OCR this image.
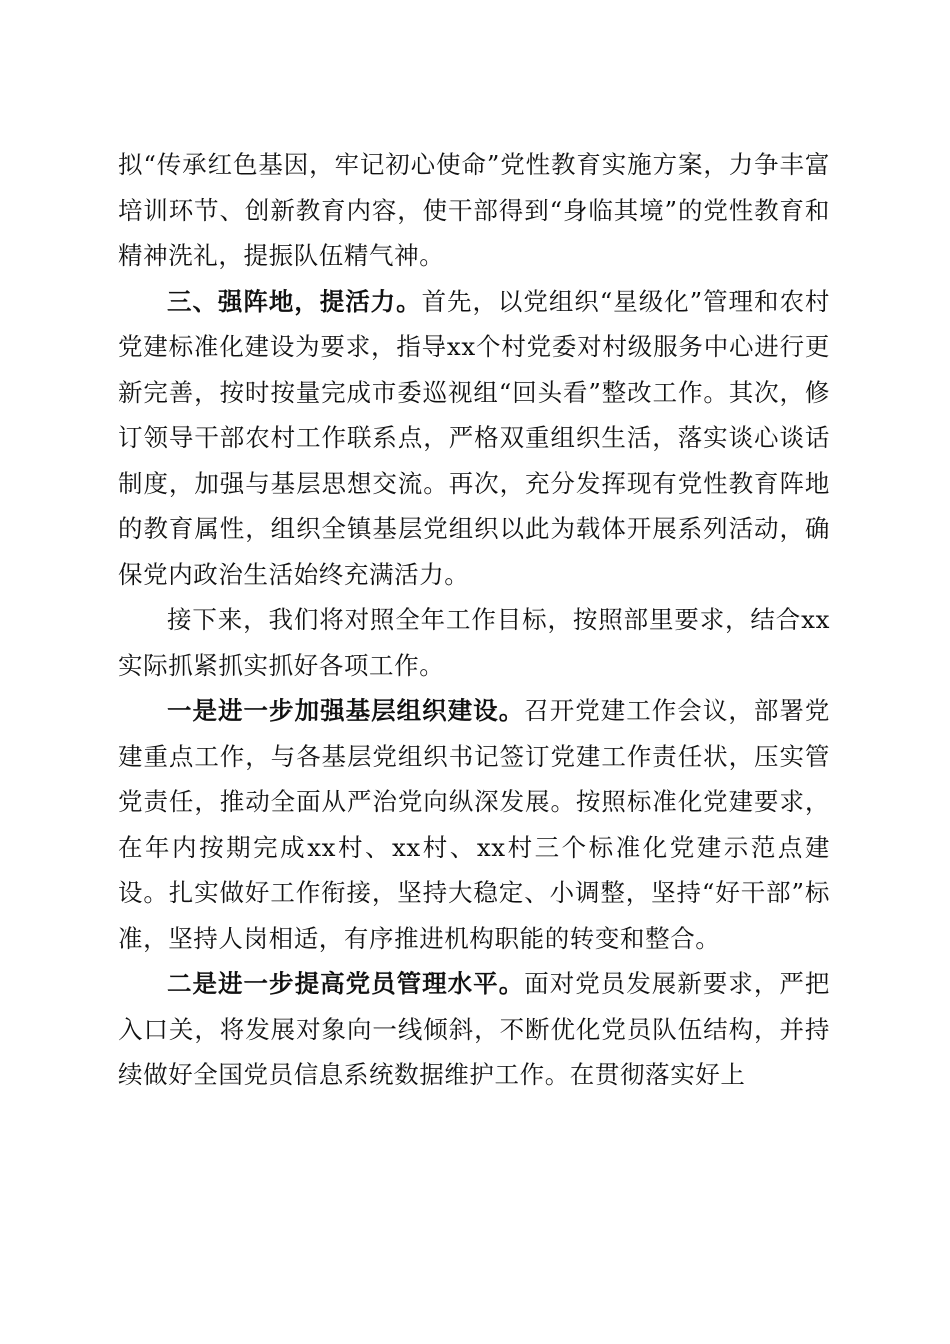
拟“传承红色基因，牢记初心使命”党性教育实施方案，力争丰富培训环节、创新教育内容，使干部得到“身临其境”的党性教育和精神洗礼，提振队伍精气神。

三、强阵地，提活力。首先，以党组织“星级化”管理和农村党建标准化建设为要求，指导xx个村党委对村级服务中心进行更新完善，按时按量完成市委巡视组“回头看”整改工作。其次，修订领导干部农村工作联系点，严格双重组织生活，落实谈心谈话制度，加强与基层思想交流。再次，充分发挥现有党性教育阵地的教育属性，组织全镇基层党组织以此为载体开展系列活动，确保党内政治生活始终充满活力。

接下来，我们将对照全年工作目标，按照部里要求，结合xx实际抓紧抓实抓好各项工作。

一是进一步加强基层组织建设。召开党建工作会议，部署党建重点工作，与各基层党组织书记签订党建工作责任状，压实管党责任，推动全面从严治党向纵深发展。按照标准化党建要求，在年内按期完成xx村、xx村、xx村三个标准化党建示范点建设。扎实做好工作衔接，坚持大稳定、小调整，坚持“好干部”标准，坚持人岗相适，有序推进机构职能的转变和整合。

二是进一步提高党员管理水平。面对党员发展新要求，严把入口关，将发展对象向一线倾斜，不断优化党员队伍结构，并持续做好全国党员信息系统数据维护工作。在贯彻落实好上
